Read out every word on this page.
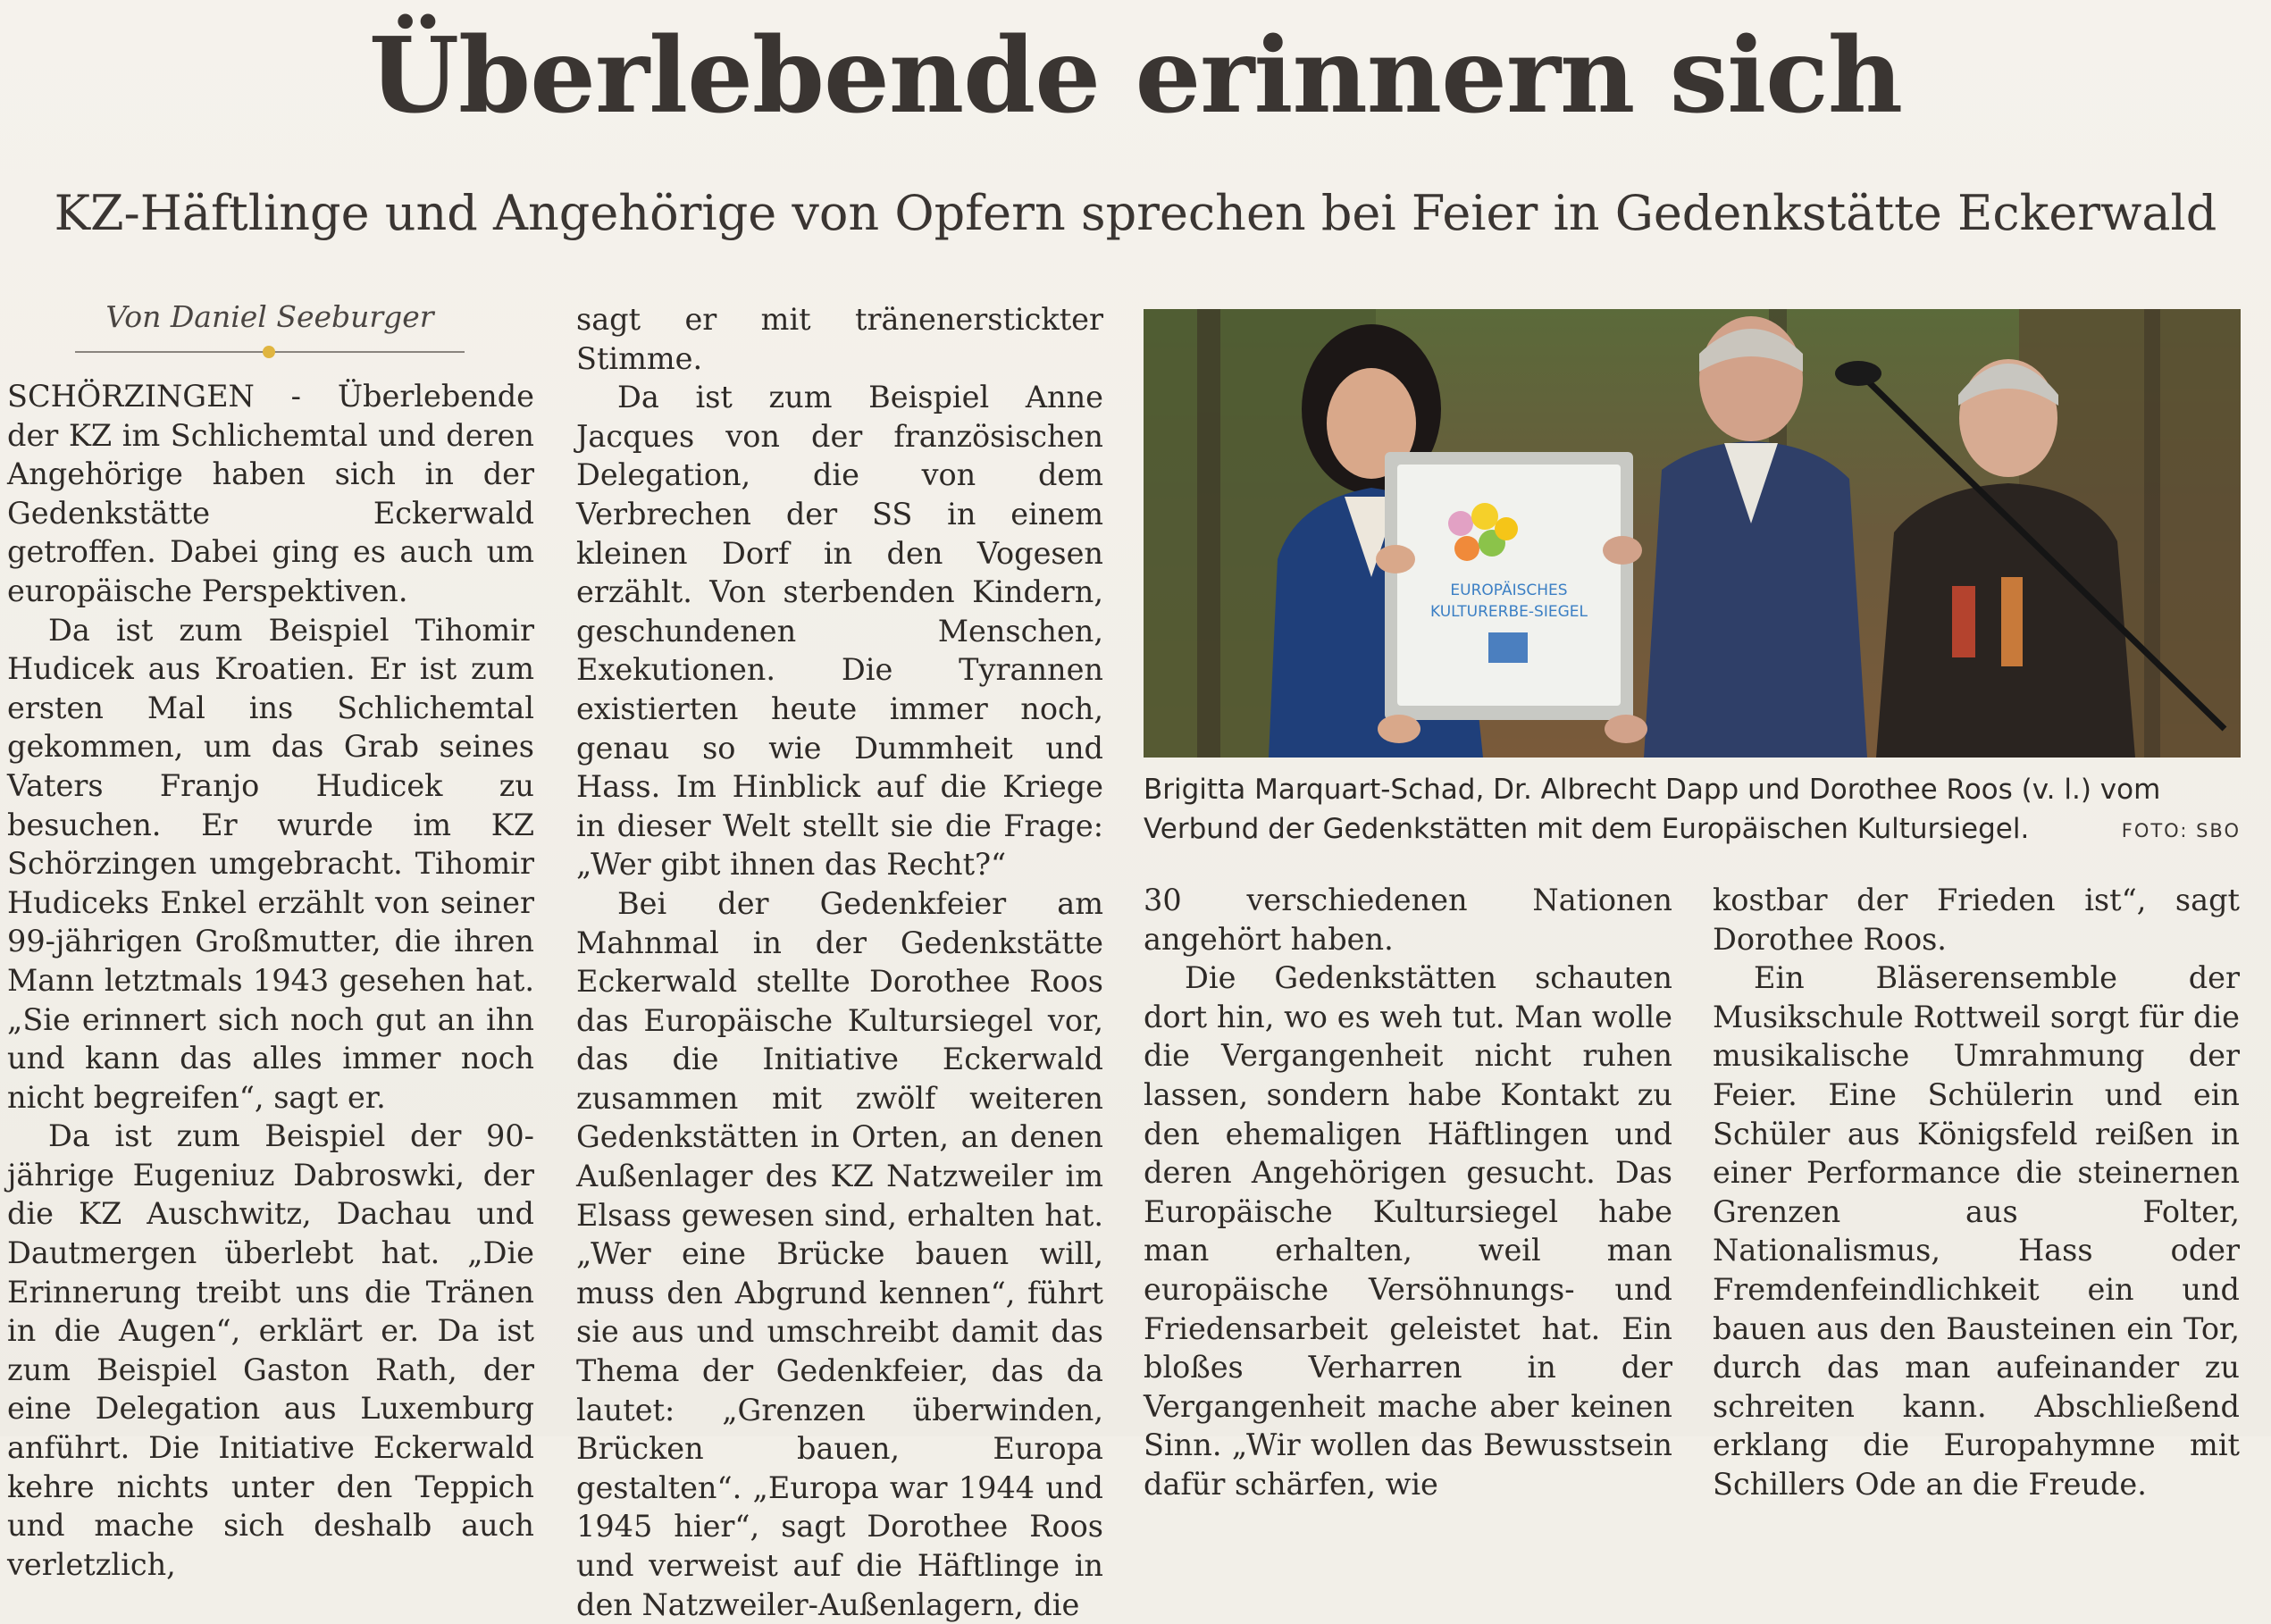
Überlebende erinnern sich
KZ-Häftlinge und Angehörige von Opfern sprechen bei Feier in Gedenkstätte Eckerwald
Von Daniel Seeburger

SCHÖRZINGEN - Überlebende der KZ im Schlichemtal und deren Angehörige haben sich in der Gedenkstätte Eckerwald getroffen. Dabei ging es auch um europäische Perspektiven.

Da ist zum Beispiel Tihomir Hudicek aus Kroatien. Er ist zum ersten Mal ins Schlichemtal gekommen, um das Grab seines Vaters Franjo Hudicek zu besuchen. Er wurde im KZ Schörzingen umgebracht. Tihomir Hudiceks Enkel erzählt von seiner 99-jährigen Großmutter, die ihren Mann letztmals 1943 gesehen hat. „Sie erinnert sich noch gut an ihn und kann das alles immer noch nicht begreifen“, sagt er.

Da ist zum Beispiel der 90-jährige Eugeniuz Dabroswki, der die KZ Auschwitz, Dachau und Dautmergen überlebt hat. „Die Erinnerung treibt uns die Tränen in die Augen“, erklärt er. Da ist zum Beispiel Gaston Rath, der eine Delegation aus Luxemburg anführt. Die Initiative Eckerwald kehre nichts unter den Teppich und mache sich deshalb auch verletzlich,

sagt er mit tränenerstickter Stimme.

Da ist zum Beispiel Anne Jacques von der französischen Delegation, die von dem Verbrechen der SS in einem kleinen Dorf in den Vogesen erzählt. Von sterbenden Kindern, geschundenen Menschen, Exekutionen. Die Tyrannen existierten heute immer noch, genau so wie Dummheit und Hass. Im Hinblick auf die Kriege in dieser Welt stellt sie die Frage: „Wer gibt ihnen das Recht?“

Bei der Gedenkfeier am Mahnmal in der Gedenkstätte Eckerwald stellte Dorothee Roos das Europäische Kultursiegel vor, das die Initiative Eckerwald zusammen mit zwölf weiteren Gedenkstätten in Orten, an denen Außenlager des KZ Natzweiler im Elsass gewesen sind, erhalten hat. „Wer eine Brücke bauen will, muss den Abgrund kennen“, führt sie aus und umschreibt damit das Thema der Gedenkfeier, das da lautet: „Grenzen überwinden, Brücken bauen, Europa gestalten“. „Europa war 1944 und 1945 hier“, sagt Dorothee Roos und verweist auf die Häftlinge in den Natzweiler-Außenlagern, die

EUROPÄISCHES
KULTURERBE-SIEGEL
Brigitta Marquart-Schad, Dr. Albrecht Dapp und Dorothee Roos (v. l.) vom
Verbund der Gedenkstätten mit dem Europäischen Kultursiegel.	FOTO: SBO

30 verschiedenen Nationen angehört haben.

Die Gedenkstätten schauten dort hin, wo es weh tut. Man wolle die Vergangenheit nicht ruhen lassen, sondern habe Kontakt zu den ehemaligen Häftlingen und deren Angehörigen gesucht. Das Europäische Kultursiegel habe man erhalten, weil man europäische Versöhnungs- und Friedensarbeit geleistet hat. Ein bloßes Verharren in der Vergangenheit mache aber keinen Sinn. „Wir wollen das Bewusstsein dafür schärfen, wie

kostbar der Frieden ist“, sagt Dorothee Roos.

Ein Bläserensemble der Musikschule Rottweil sorgt für die musikalische Umrahmung der Feier. Eine Schülerin und ein Schüler aus Königsfeld reißen in einer Performance die steinernen Grenzen aus Folter, Nationalismus, Hass oder Fremdenfeindlichkeit ein und bauen aus den Bausteinen ein Tor, durch das man aufeinander zu schreiten kann. Abschließend erklang die Europahymne mit Schillers Ode an die Freude.
